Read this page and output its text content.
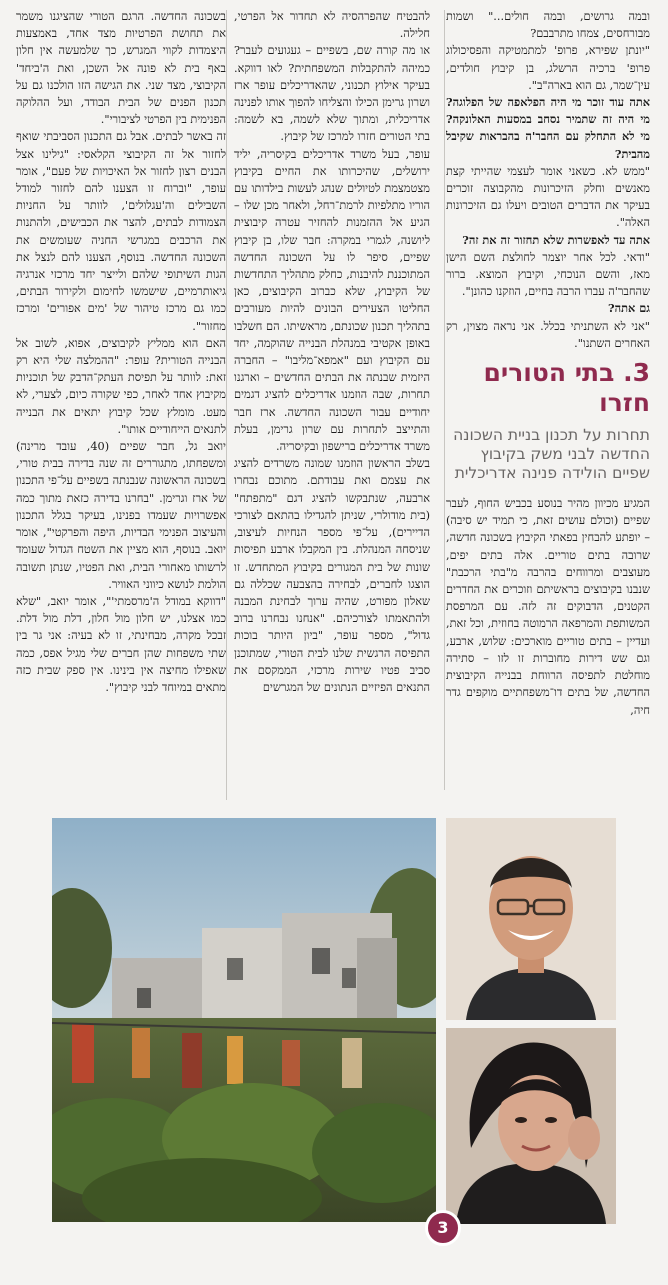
ובמה גרושים, ובמה חולים..." ושמות מבורחסים, צמחו מתרבבם?

"יונתן שפירא, פרופ' למתמטיקה והפסיכולוג פרופ' ברכיה הרשלג, בן קיבוץ חולדים, עין־שמר, גם הוא בארה"ב".

אתה עוד זוכר מי היה הפלאפה של הפלוגה? מי היה זה שתמיר נסחב במסעות האלונקה? מי לא התחלק עם החבר'ה בהבראות שקיבל מהבית?

"ממש לא. כשאני אומר לעצמי שהייתי קצת מאנשים וחלק הזיכרונות מהקבוצה זוכרים בעיקר את הדברים הטובים ויעלו גם הזיכרונות האלה".

אתה עד לאפשרות שלא תחזור זה את זה?

"ודאי. לכל אחר יוצמר לחולצת השם הישן מאז, והשם הנוכחי, וקיבוץ המוצא. ברור שהחבר'ה עברו הרבה בחיים, הוזקנו כהונן".

גם אתה?

"אני לא השתניתי בכלל. אני נראה מצוין, רק האחרים השתנו".

3. בתי הטורים חזרו
תחרות על תכנון בניית השכונה החדשה לבני משק בקיבוץ שפיים הולידה פנינה אדריכלית

המגיע מכיוון מהיר בנוסע בכביש החוף, לעבר שפיים (וכולם עושים זאת, כי תמיד יש סיבה) – יופתע להבחין בפאתי הקיבוץ בשכונה חדשה, שרובה בתים טוריים. אלה בתים יפים, מעוצבים ומרווחים בהרבה מ"בתי הרכבת" שנבנו בקיבוצים בראשיתם וזוכרים את החדרים הקטנים, הדבוקים זה לזה. עם המרפסת המשותפת והמרפאה הרמוטה בחוזית, וכל זאת, ועדיין – בתים טוריים מוארכים: שלוש, ארבע, וגם שש דירות מחוברות זו לזו – סתירה מוחלטת לתפיסה הרווחת בבנייה הקיבוצית החדשה, של בתים דו־משפחתיים מוקפים גדר חיה,

להבטיח שהפרהסיה לא תחדור אל הפרטי, חלילה.

או מה קורה שם, בשפיים – געגועים לעבר? כמיהה להתקבלות המשפחתית? לאו דווקא. בעיקר אילוץ תכנוני, שהאדריכלים עופר ארז ושרון גרימן הכילו והצליחו להפוך אותו לפנינה אדריכלית, ומתוך שלא לשמה, בא לשמה: בתי הטורים חזרו למרכז של קיבוץ.

עופר, בעל משרד אדריכלים בקיסריה, יליד ירושלים, שהיכרותו את החיים בקיבוץ מצטמצמת לטיולים שנהג לעשות בילדותו עם הוריו מתלפיות לרמת־רחל, ולאחר מכן שלו – הגיע אל ההזמנות להחזיר עטרה קיבוצית ליושנה, לגמרי במקרה: חבר שלו, בן קיבוץ שפיים, סיפר לו על השכונה החדשה המתוכננת להיבנות, כחלק מתהליך התחדשות של הקיבוץ, שלא כברוב הקיבוצים, כאן החליטו הצעירים הבונים להיות מעורבים בתהליך תכנון שכונתם, מראשיתו. הם חשלבו באופן אקטיבי במנהלת הבנייה שהוקמה, יחד עם הקיבוץ ועם "אמפא־מליבו" – החברה היזמית שבנתה את הבתים החדשים – וארגנו תחרות, שבה הוזמנו אדריכלים להציג דגמים יחודיים עבור השכונה החדשה. ארז חבר והתייצב לתחרות עם שרון גרימן, בעלת משרד אדריכלים ברישפון ובקיסריה.

בשלב הראשון הוזמנו שמונה משרדים להציג את עצמם ואת עבודתם. מתוכם נבחרו ארבעה, שנתבקשו להציג דגם "מתפתח" (בית מודולרי, שניתן להגדילו בהתאם לצורכי הדיירים), על־פי מספר הנחיות לעיצוב, שניסחה המנהלת. בין המקבלו ארבע תפיסות שונות של בית המגורים בקיבוץ המתחדש. זו הוצגו לחברים, לבחירה בהצבעה שכללה גם שאלון מפורט, שהיה ערוך לבחינת המבנה ולהתאמתו לצורכיהם. "אנחנו נבחרנו ברוב גדול", מספר עופר, "ביון היותר בוכות התפיסה הרגשית שלנו לבית הטורי, שמתוכנן סביב פטיו שירות מרכזי, הממקסם את התנאים הפיזיים הנתונים של המגרשים

בשכונה החדשה. הרגם הטורי שהציגנו משמר את תחושת הפרטיות מצד אחד, באמצעות היצמדות לקווי המגרש, כך שלמעשה אין חלון באף בית לא פונה אל השכן, ואת ה'ביחד' הקיבוצי, מצד שני. את הגישה הזו הולכנו גם על תכנון הפנים של הבית הבודד, ועל ההלוקה הפנימית בין הפרטי לציבורי".

זה באשר לבתים. אבל גם התכנון הסביבתי שואף לחזור אל זה הקיבוצי הקלאסי: "גילינו אצל הבנים רצון לחזור אל האיכויות של פעם", אומר עופר, "וברוח זו הצענו להם לחזור למודל השבילים וה'עגלולים', לוותר על החניות הצמודות לבתים, להצר את הכבישים, ולהתנות את הרכבים במגרשי החניה שעומשים את השכונה החדשה. בנוסף, הצענו להם לנצל את הגות השיתופי שלהם ולייצר יחד מרכזי אנרגיה גיאותרמיים, שישמשו לחימום ולקירור הבתים, כמו גם מרכז טיהור של 'מים אפורים' ומרכז מחזור".

האם הוא ממליץ לקיבוצים, אפוא, לשוב אל הבנייה הטורית? עופר: "ההמלצה שלי היא רק זאת: לוותר על תפיסת העתק־הדבק של תוכניות מקיבוץ אחד לאחר, כפי שקורה כיום, לצערי, לא מעט. מומלץ שכל קיבוץ יתאים את הבנייה לתנאים הייחודיים אותו".

יואב גל, חבר שפיים (40, עובד מרינה) ומשפחתו, מתגוררים זה שנה בדירה בבית טורי, בשכונה הראשונה שנבנתה בשפיים על־פי התכנון של ארז וגרימן. "בחרנו בדירה כזאת מתוך כמה אפשרויות שעמדו בפנינו, בעיקר בגלל התכנון והעיצוב הפנימי הבדיות, היפה והפרקטי", אומר יואב. בנוסף, הוא מציין את השטח הגדול שעומד לרשותו מאחורי הבית, ואת הפטיו, שנתן תשובה הולמת לנושא כיווני האוויר.

"דווקא במודל ה'מרסמתי'", אומר יואב, "שלא כמו אצלנו, יש חלון מול חלון, דלת מול דלת. זבכל מקרה, מבחינתי, זו לא בעיה: אני גר בין שתי משפחות שהן חברים שלי מגיל אפס, כמה שאפילו מחיצה אין בינינו. אין ספק שבית כזה מתאים במיוחד לבני קיבוץ".

3
